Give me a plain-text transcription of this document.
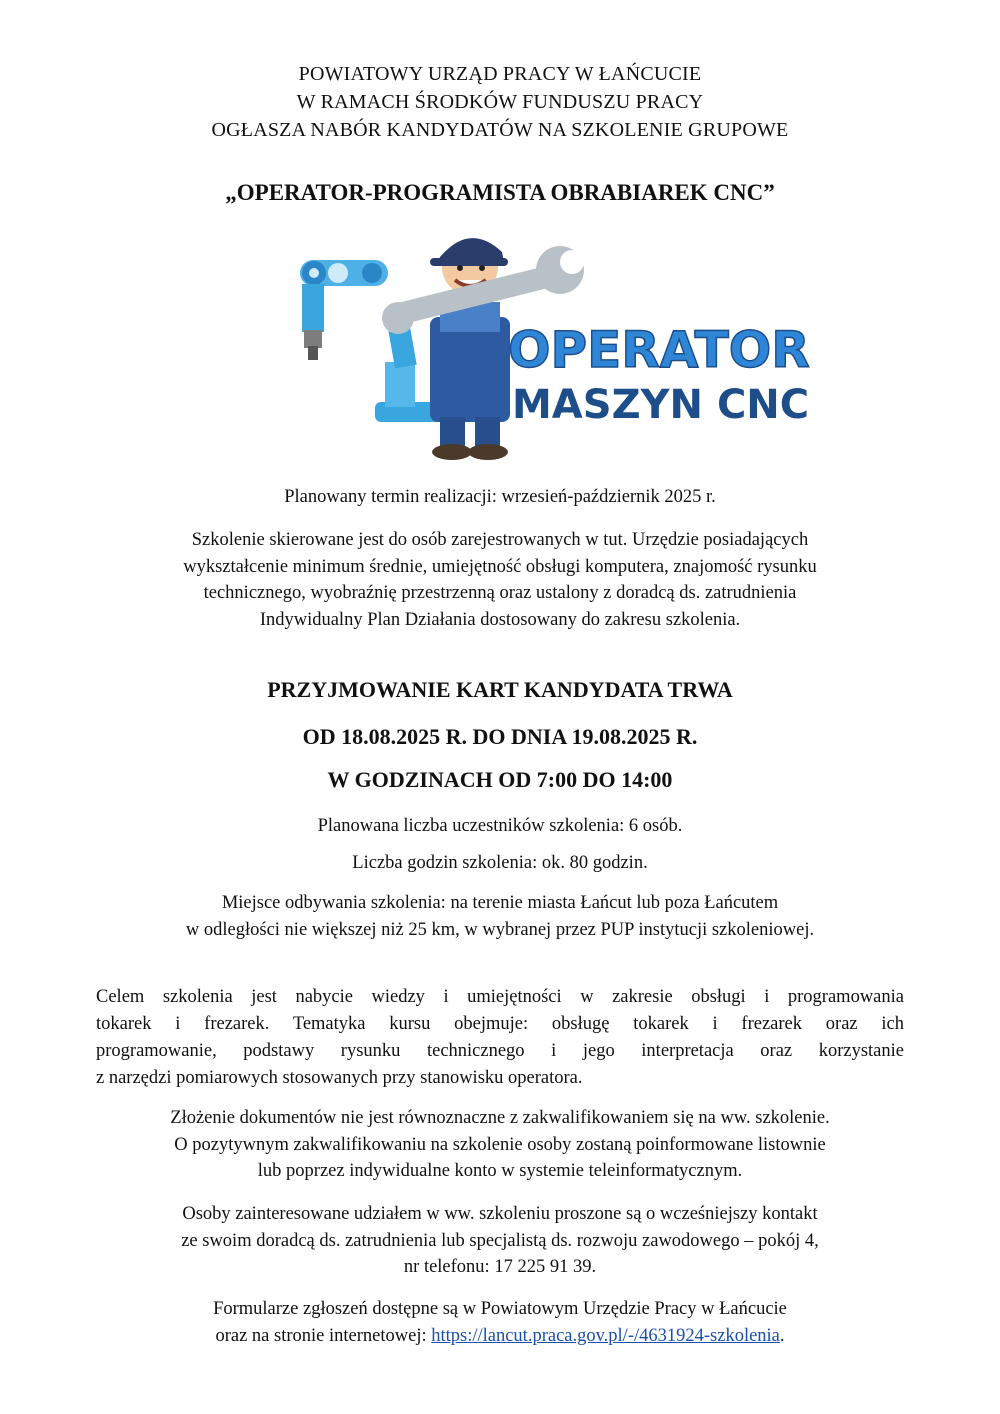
POWIATOWY URZĄD PRACY W ŁAŃCUCIE
W RAMACH ŚRODKÓW FUNDUSZU PRACY
OGŁASZA NABÓR KANDYDATÓW NA SZKOLENIE GRUPOWE
„OPERATOR-PROGRAMISTA OBRABIAREK CNC”
OPERATOR
MASZYN CNC
Planowany termin realizacji: wrzesień-październik 2025 r.
Szkolenie skierowane jest do osób zarejestrowanych w tut. Urzędzie posiadających
wykształcenie minimum średnie, umiejętność obsługi komputera, znajomość rysunku
technicznego, wyobraźnię przestrzenną oraz ustalony z doradcą ds. zatrudnienia
Indywidualny Plan Działania dostosowany do zakresu szkolenia.
PRZYJMOWANIE KART KANDYDATA TRWA
OD 18.08.2025 R. DO DNIA 19.08.2025 R.
W GODZINACH OD 7:00 DO 14:00
Planowana liczba uczestników szkolenia: 6 osób.
Liczba godzin szkolenia: ok. 80 godzin.
Miejsce odbywania szkolenia: na terenie miasta Łańcut lub poza Łańcutem
w odległości nie większej niż 25 km, w wybranej przez PUP instytucji szkoleniowej.
Celem szkolenia jest nabycie wiedzy i umiejętności w zakresie obsługi i programowania
tokarek i frezarek. Tematyka kursu obejmuje: obsługę tokarek i frezarek oraz ich
programowanie, podstawy rysunku technicznego i jego interpretacja oraz korzystanie
z narzędzi pomiarowych stosowanych przy stanowisku operatora.
Złożenie dokumentów nie jest równoznaczne z zakwalifikowaniem się na ww. szkolenie.
O pozytywnym zakwalifikowaniu na szkolenie osoby zostaną poinformowane listownie
lub poprzez indywidualne konto w systemie teleinformatycznym.
Osoby zainteresowane udziałem w ww. szkoleniu proszone są o wcześniejszy kontakt
ze swoim doradcą ds. zatrudnienia lub specjalistą ds. rozwoju zawodowego – pokój 4,
nr telefonu: 17 225 91 39.
Formularze zgłoszeń dostępne są w Powiatowym Urzędzie Pracy w Łańcucie
oraz na stronie internetowej: https://lancut.praca.gov.pl/-/4631924-szkolenia.
